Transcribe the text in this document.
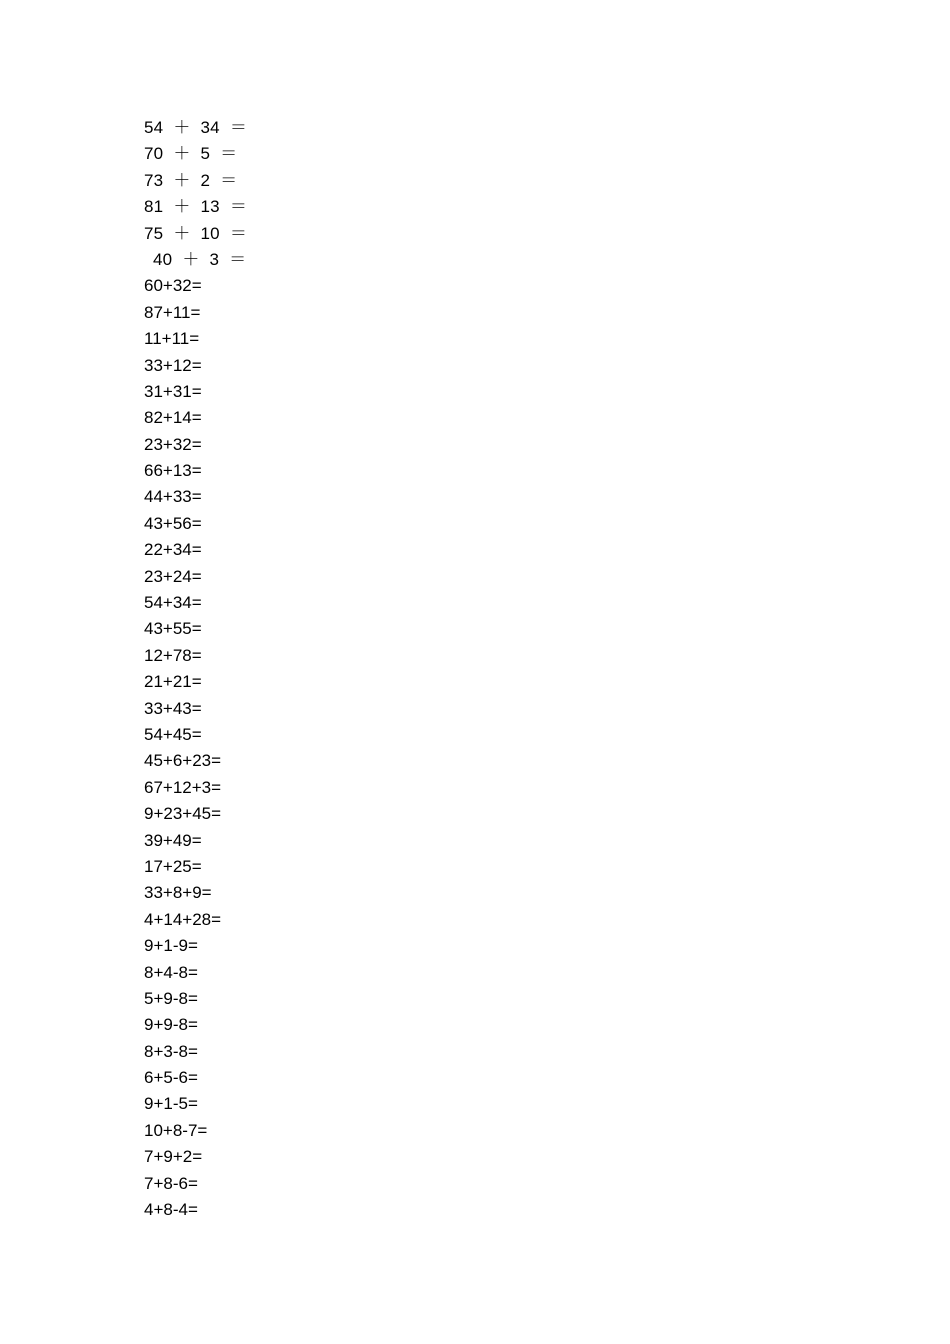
54 ＋ 34 ＝
70 ＋ 5 ＝
73 ＋ 2 ＝
81 ＋ 13 ＝
75 ＋ 10 ＝
40 ＋ 3 ＝
60+32=
87+11=
11+11=
33+12=
31+31=
82+14=
23+32=
66+13=
44+33=
43+56=
22+34=
23+24=
54+34=
43+55=
12+78=
21+21=
33+43=
54+45=
45+6+23=
67+12+3=
9+23+45=
39+49=
17+25=
33+8+9=
4+14+28=
9+1-9=
8+4-8=
5+9-8=
9+9-8=
8+3-8=
6+5-6=
9+1-5=
10+8-7=
7+9+2=
7+8-6=
4+8-4=
